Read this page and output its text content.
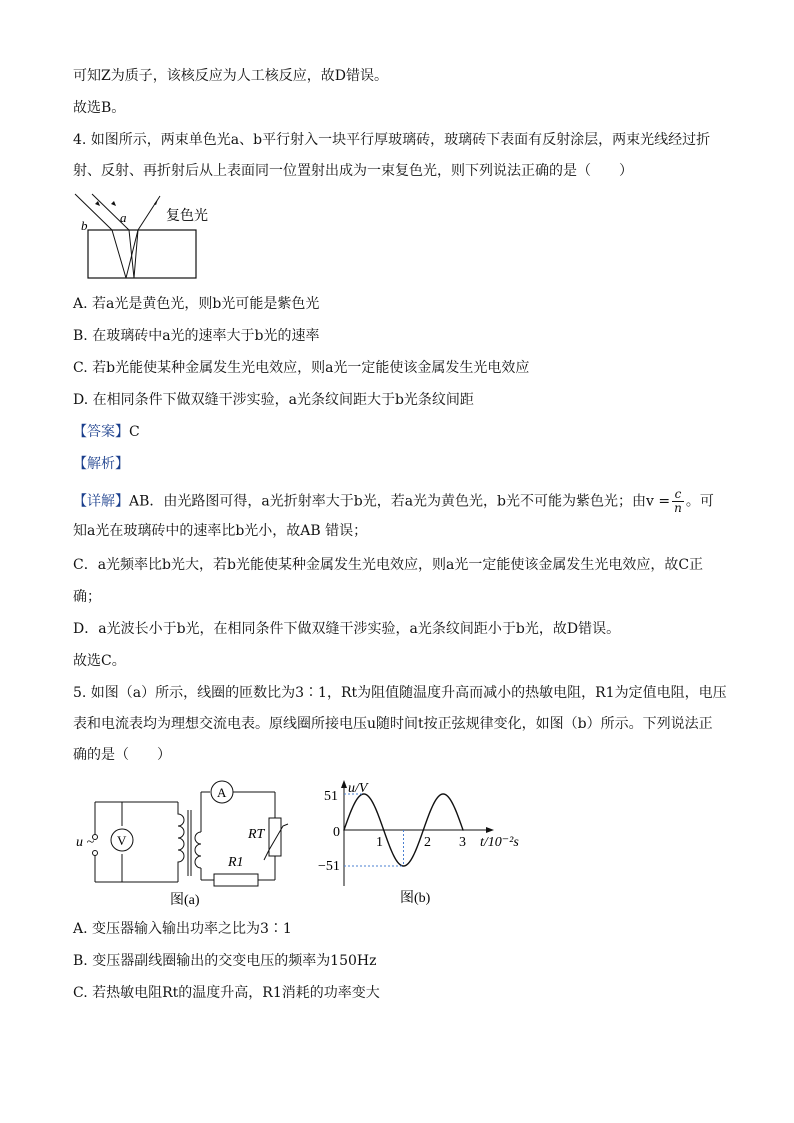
可知Z为质子，该核反应为人工核反应，故D错误。
故选B。
4. 如图所示，两束单色光a、b平行射入一块平行厚玻璃砖，玻璃砖下表面有反射涂层，两束光线经过折
射、反射、再折射后从上表面同一位置射出成为一束复色光，则下列说法正确的是（　　）
a
b
复色光
A. 若a光是黄色光，则b光可能是紫色光
B. 在玻璃砖中a光的速率大于b光的速率
C. 若b光能使某种金属发生光电效应，则a光一定能使该金属发生光电效应
D. 在相同条件下做双缝干涉实验，a光条纹间距大于b光条纹间距
【答案】C
【解析】
【详解】AB．由光路图可得，a光折射率大于b光，若a光为黄色光，b光不可能为紫色光；由$v = \frac{c}{n}$ 。可
知a光在玻璃砖中的速率比b光小，故AB 错误；
C．a光频率比b光大，若b光能使某种金属发生光电效应，则a光一定能使该金属发生光电效应，故C正
确；
D．a光波长小于b光，在相同条件下做双缝干涉实验，a光条纹间距小于b光，故D错误。
故选C。
5. 如图（a）所示，线圈的匝数比为3∶1，Rt为阻值随温度升高而减小的热敏电阻，R1为定值电阻，电压
表和电流表均为理想交流电表。原线圈所接电压u随时间t按正弦规律变化，如图（b）所示。下列说法正
确的是（　　）
V
A
u ~
RT
R1
图(a)
u/V
t/10⁻²s
51
−51
0
1	2 3
图(b)
A. 变压器输入输出功率之比为3∶1
B. 变压器副线圈输出的交变电压的频率为150Hz
C. 若热敏电阻Rt的温度升高，R1消耗的功率变大
